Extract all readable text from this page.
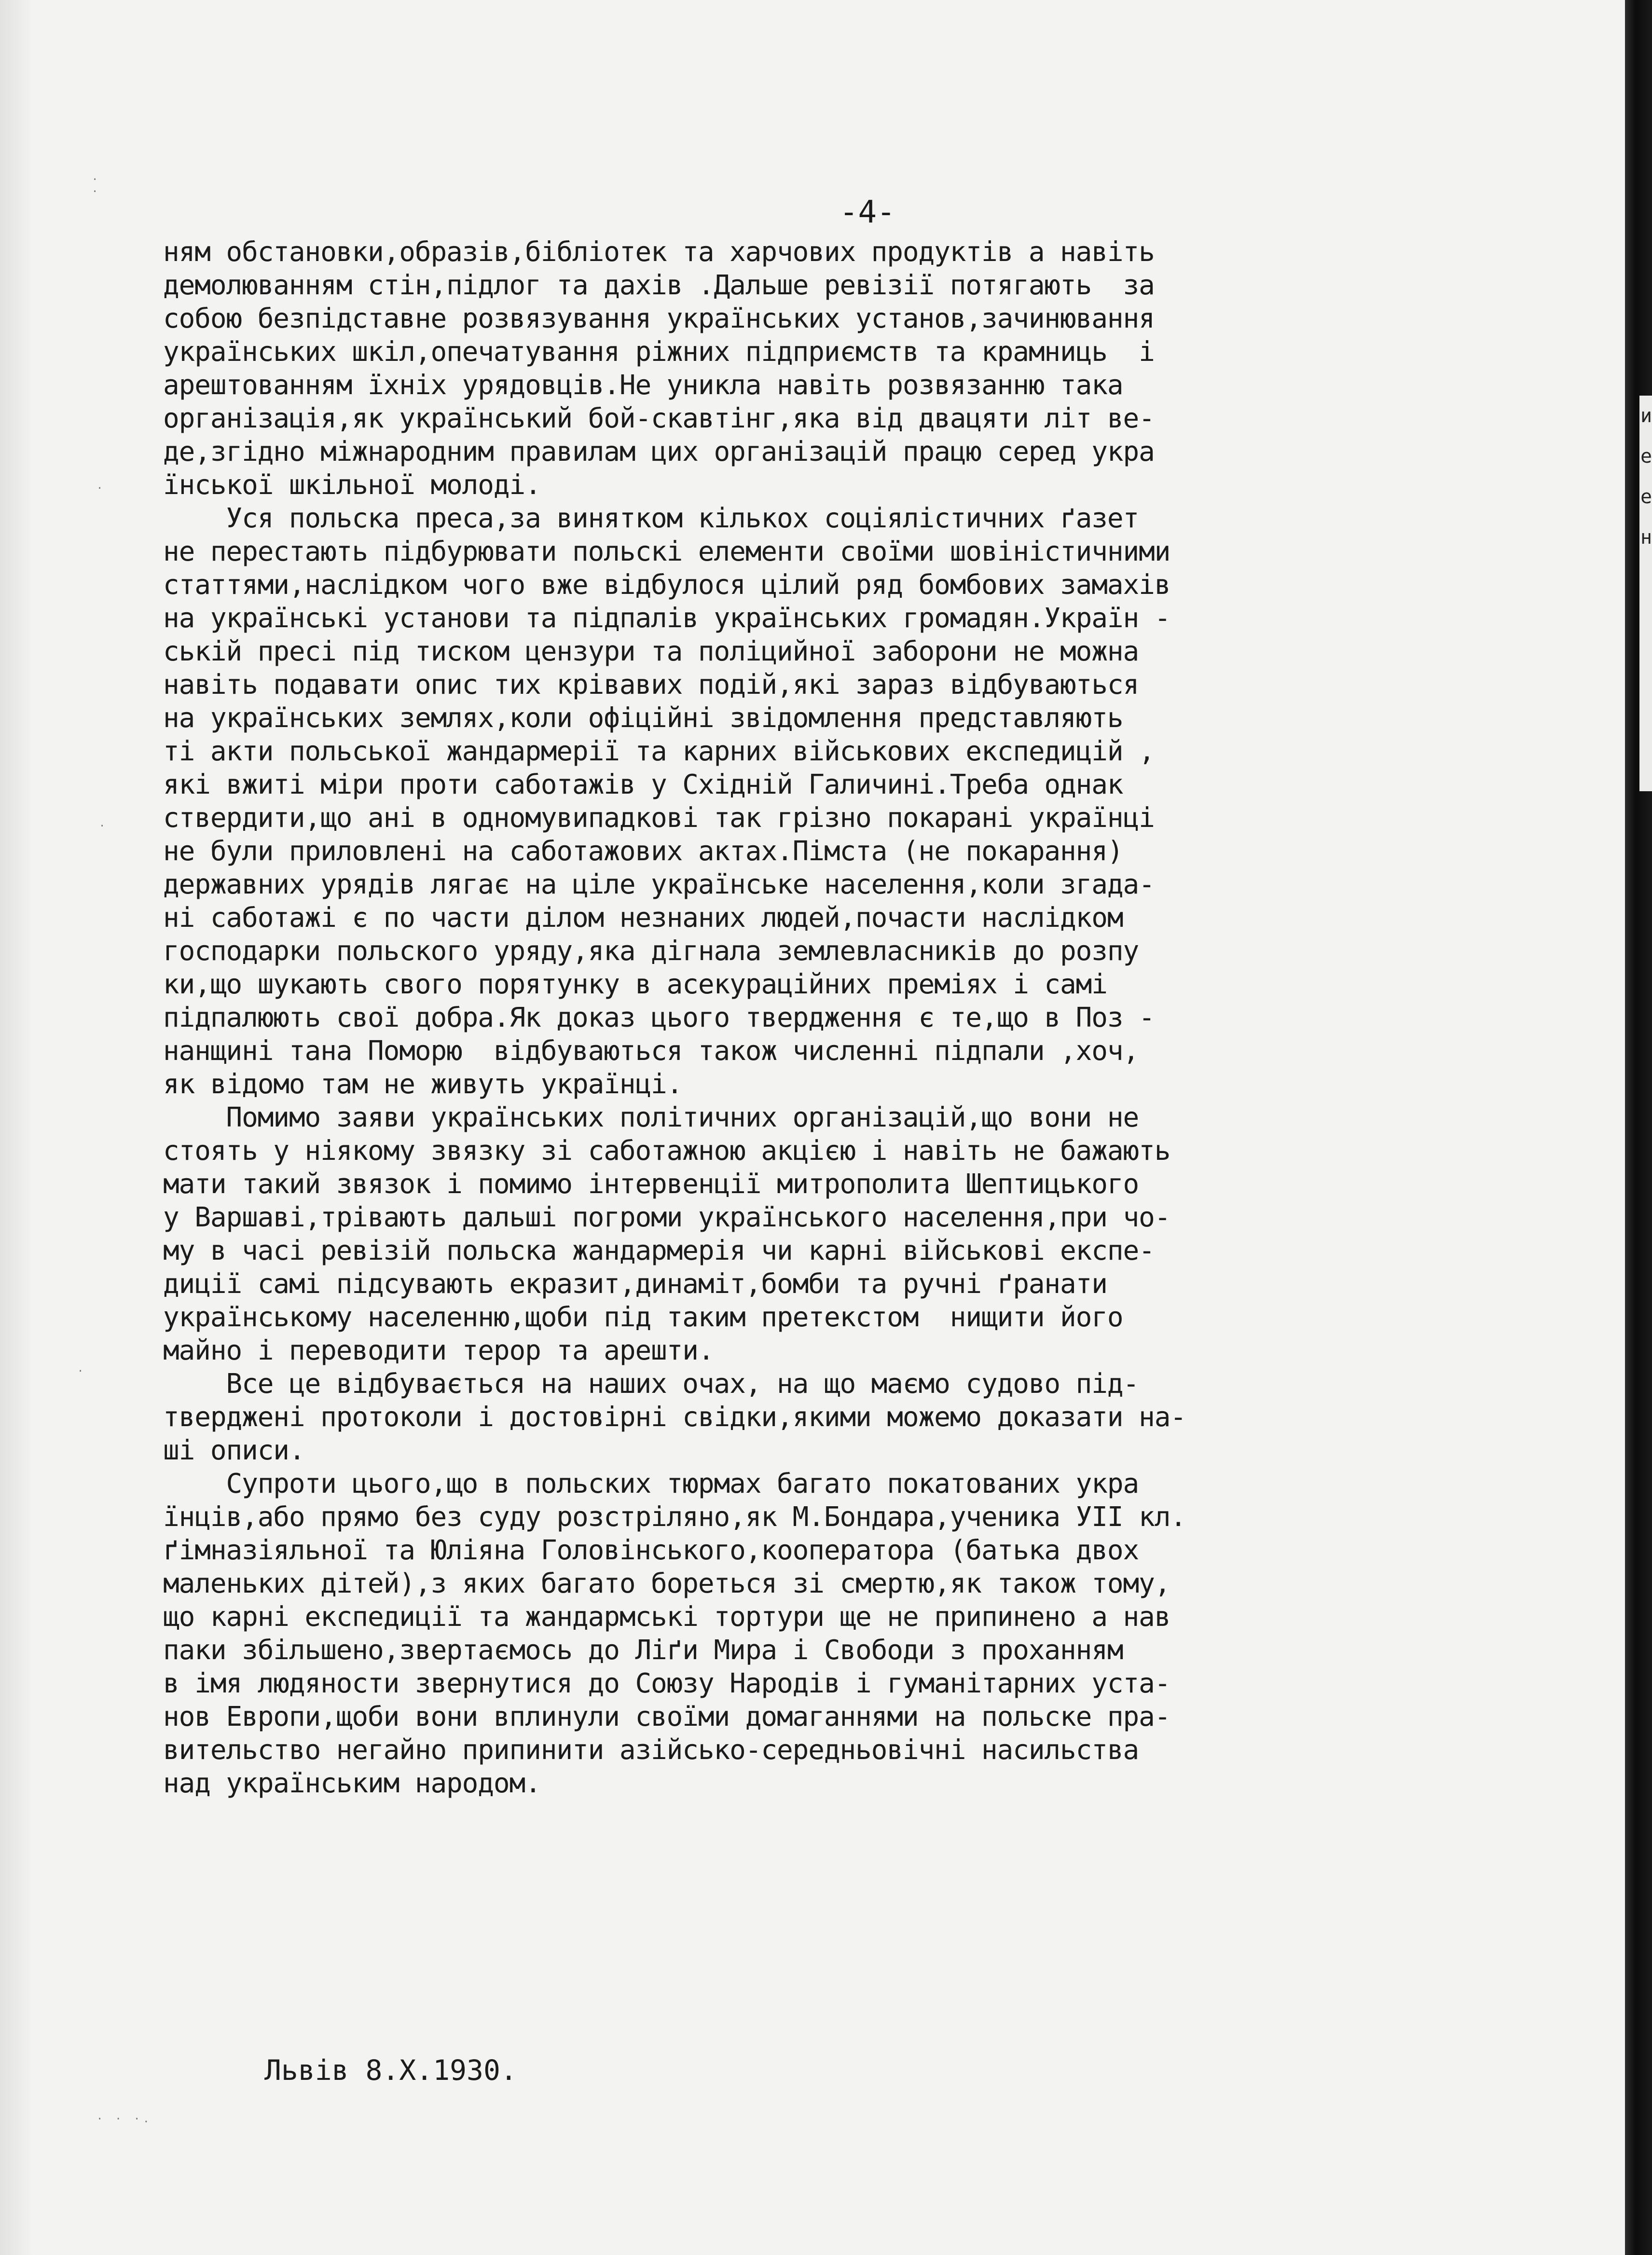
· ·
·
·
·
· · ·.
и
е
е
н
-4-
ням обстановки,образів,бібліотек та харчових продуктів а навіть
демолюванням стін,підлог та дахів .Дальше ревізії потягають  за
собою безпідставне розвязування українських установ,зачинювання
українських шкіл,опечатування ріжних підприємств та крамниць  і
арештованням їхніх урядовців.Не уникла навіть розвязанню така
організація,як український бой-скавтінг,яка від двацяти літ ве-
де,згідно міжнародним правилам цих організацій працю серед укра
їнської шкільної молоді.
Уся польска преса,за винятком кількох соціялістичних ґазет
не перестають підбурювати польскі елементи своїми шовіністичними
статтями,наслідком чого вже відбулося цілий ряд бомбових замахів
на українські установи та підпалів українських громадян.Україн -
ській пресі під тиском цензури та поліцийної заборони не можна
навіть подавати опис тих крівавих подій,які зараз відбуваються
на українських землях,коли офіційні звідомлення представляють
ті акти польської жандармерії та карних військових експедицій ,
які вжиті міри проти саботажів у Східній Галичині.Треба однак
ствердити,що ані в одномувипадкові так грізно покарані українці
не були приловлені на саботажових актах.Пімста (не покарання)
державних урядів лягає на ціле українське населення,коли згада-
ні саботажі є по части ділом незнаних людей,почасти наслідком
господарки польского уряду,яка дігнала землевласників до розпу
ки,що шукають свого порятунку в асекураційних преміях і самі
підпалюють свої добра.Як доказ цього твердження є те,що в Поз -
нанщині тана Поморю  відбуваються також численні підпали ,хоч,
як відомо там не живуть українці.
Помимо заяви українських політичних організацій,що вони не
стоять у ніякому звязку зі саботажною акцією і навіть не бажають
мати такий звязок і помимо інтервенції митрополита Шептицького
у Варшаві,трівають дальші погроми українського населення,при чо-
му в часі ревізій польска жандармерія чи карні військові експе-
диції самі підсувають екразит,динаміт,бомби та ручні ґранати
українському населенню,щоби під таким претекстом  нищити його
майно і переводити терор та арешти.
Все це відбувається на наших очах, на що маємо судово під-
тверджені протоколи і достовірні свідки,якими можемо доказати на-
ші описи.
Супроти цього,що в польских тюрмах багато покатованих укра
їнців,або прямо без суду розстріляно,як М.Бондара,ученика УІІ кл.
ґімназіяльної та Юліяна Головінського,кооператора (батька двох
маленьких дітей),з яких багато бореться зі смертю,як також тому,
що карні експедиції та жандармські тортури ще не припинено а нав
паки збільшено,звертаємось до Ліґи Мира і Свободи з проханням
в імя людяности звернутися до Союзу Народів і гуманітарних уста-
нов Европи,щоби вони вплинули своїми домаганнями на польске пра-
вительство негайно припинити азійсько-середньовічні насильства
над українським народом.
Львів 8.X.1930.
